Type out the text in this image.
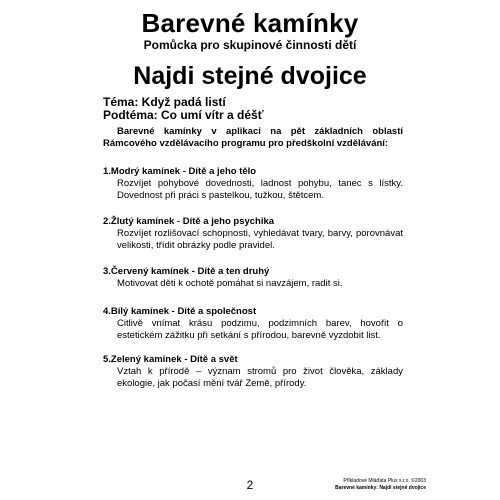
Barevné kamínky
Pomůcka pro skupinové činnosti dětí
Najdi stejné dvojice
Téma: Když padá listí
Podtéma: Co umí vítr a déšť
Barevné kamínky v aplikaci na pět základních oblastí Rámcového vzdělávacího programu pro předškolní vzdělávání:
1.Modrý kamínek - Dítě a jeho tělo
Rozvíjet pohybové dovednosti, ladnost pohybu, tanec s lístky. Dovednost při práci s pastelkou, tužkou, štětcem.
2.Žlutý kamínek - Dítě a jeho psychika
Rozvíjet rozlišovací schopnosti, vyhledávat tvary, barvy, porovnávat velikosti, třídit obrázky podle pravidel.
3.Červený kamínek - Dítě a ten druhý
Motivovat děti k ochotě pomáhat si navzájem, radit si.
4.Bílý kamínek - Dítě a společnost
Citlivě vnímat krásu podzimu, podzimních barev, hovořit o estetickém zážitku při setkání s přírodou, barevně vyzdobit list.
5.Zelený kamínek - Dítě a svět
Vztah k přírodě – význam stromů pro život člověka, základy ekologie, jak počasí mění tvář Země, přírody.
2	Příkladové Mláďata Plus s.r.o. ©2003
Barevné kamínky: Najdi stejné dvojice
